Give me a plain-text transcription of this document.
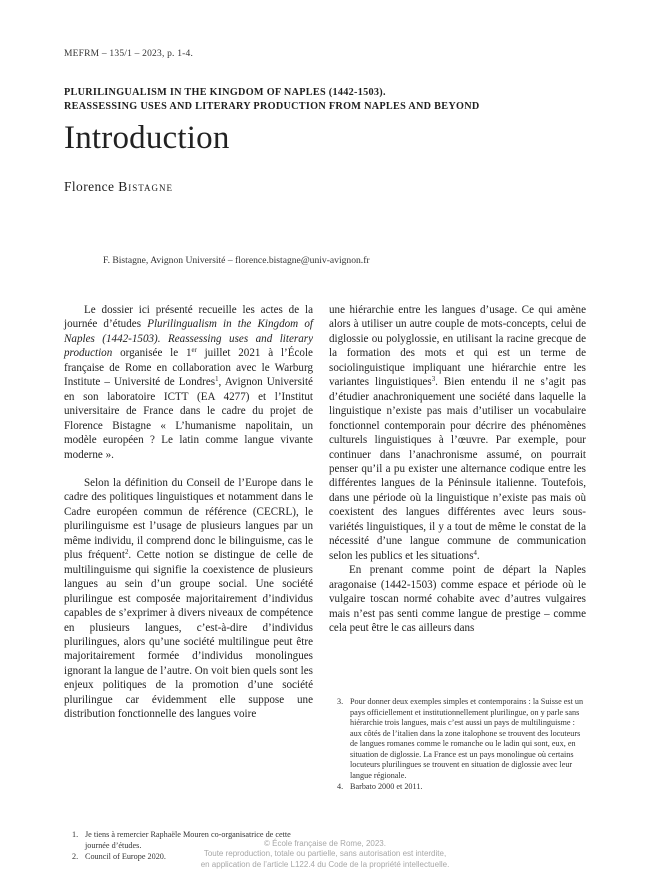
MEFRM – 135/1 – 2023, p. 1-4.
PLURILINGUALISM IN THE KINGDOM OF NAPLES (1442-1503).
REASSESSING USES AND LITERARY PRODUCTION FROM NAPLES AND BEYOND
Introduction
Florence Bistagne
F. Bistagne, Avignon Université – florence.bistagne@univ-avignon.fr

Le dossier ici présenté recueille les actes de la journée d’études Plurilingualism in the Kingdom of Naples (1442-1503). Reassessing uses and literary production organisée le 1er juillet 2021 à l’École française de Rome en collaboration avec le Warburg Institute – Université de Londres$^1$, Avignon Université en son laboratoire ICTT (EA 4277) et l’Institut universitaire de France dans le cadre du projet de Florence Bistagne « L’humanisme napolitain, un modèle européen ? Le latin comme langue vivante moderne ».

Selon la définition du Conseil de l’Europe dans le cadre des politiques linguistiques et notamment dans le Cadre européen commun de référence (CECRL), le plurilinguisme est l’usage de plusieurs langues par un même individu, il comprend donc le bilinguisme, cas le plus fréquent$^2$. Cette notion se distingue de celle de multilinguisme qui signifie la coexistence de plusieurs langues au sein d’un groupe social. Une société plurilingue est composée majoritairement d’individus capables de s’exprimer à divers niveaux de compétence en plusieurs langues, c’est-à-dire d’individus plurilingues, alors qu’une société multilingue peut être majoritairement formée d’individus monolingues ignorant la langue de l’autre. On voit bien quels sont les enjeux politiques de la promotion d’une société plurilingue car évidemment elle suppose une distribution fonctionnelle des langues voire

une hiérarchie entre les langues d’usage. Ce qui amène alors à utiliser un autre couple de mots-concepts, celui de diglossie ou polyglossie, en utilisant la racine grecque de la formation des mots et qui est un terme de sociolinguistique impliquant une hiérarchie entre les variantes linguistiques$^3$. Bien entendu il ne s’agit pas d’étudier anachroniquement une société dans laquelle la linguistique n’existe pas mais d’utiliser un vocabulaire fonctionnel contemporain pour décrire des phénomènes culturels linguistiques à l’œuvre. Par exemple, pour continuer dans l’anachronisme assumé, on pourrait penser qu’il a pu exister une alternance codique entre les différentes langues de la Péninsule italienne. Toutefois, dans une période où la linguistique n’existe pas mais où coexistent des langues différentes avec leurs sous-variétés linguistiques, il y a tout de même le constat de la nécessité d’une langue commune de communication selon les publics et les situations$^4$.

En prenant comme point de départ la Naples aragonaise (1442-1503) comme espace et période où le vulgaire toscan normé cohabite avec d’autres vulgaires mais n’est pas senti comme langue de prestige – comme cela peut être le cas ailleurs dans

3. Pour donner deux exemples simples et contemporains : la Suisse est un pays officiellement et institutionnellement plurilingue, on y parle sans hiérarchie trois langues, mais c’est aussi un pays de multilinguisme : aux côtés de l’italien dans la zone italophone se trouvent des locuteurs de langues romanes comme le romanche ou le ladin qui sont, eux, en situation de diglossie. La France est un pays monolingue où certains locuteurs plurilingues se trouvent en situation de diglossie avec leur langue régionale.
4. Barbato 2000 et 2011.
1. Je tiens à remercier Raphaële Mouren co-organisatrice de cette journée d’études.
2. Council of Europe 2020.
© École française de Rome, 2023.
Toute reproduction, totale ou partielle, sans autorisation est interdite,
en application de l’article L122.4 du Code de la propriété intellectuelle.
